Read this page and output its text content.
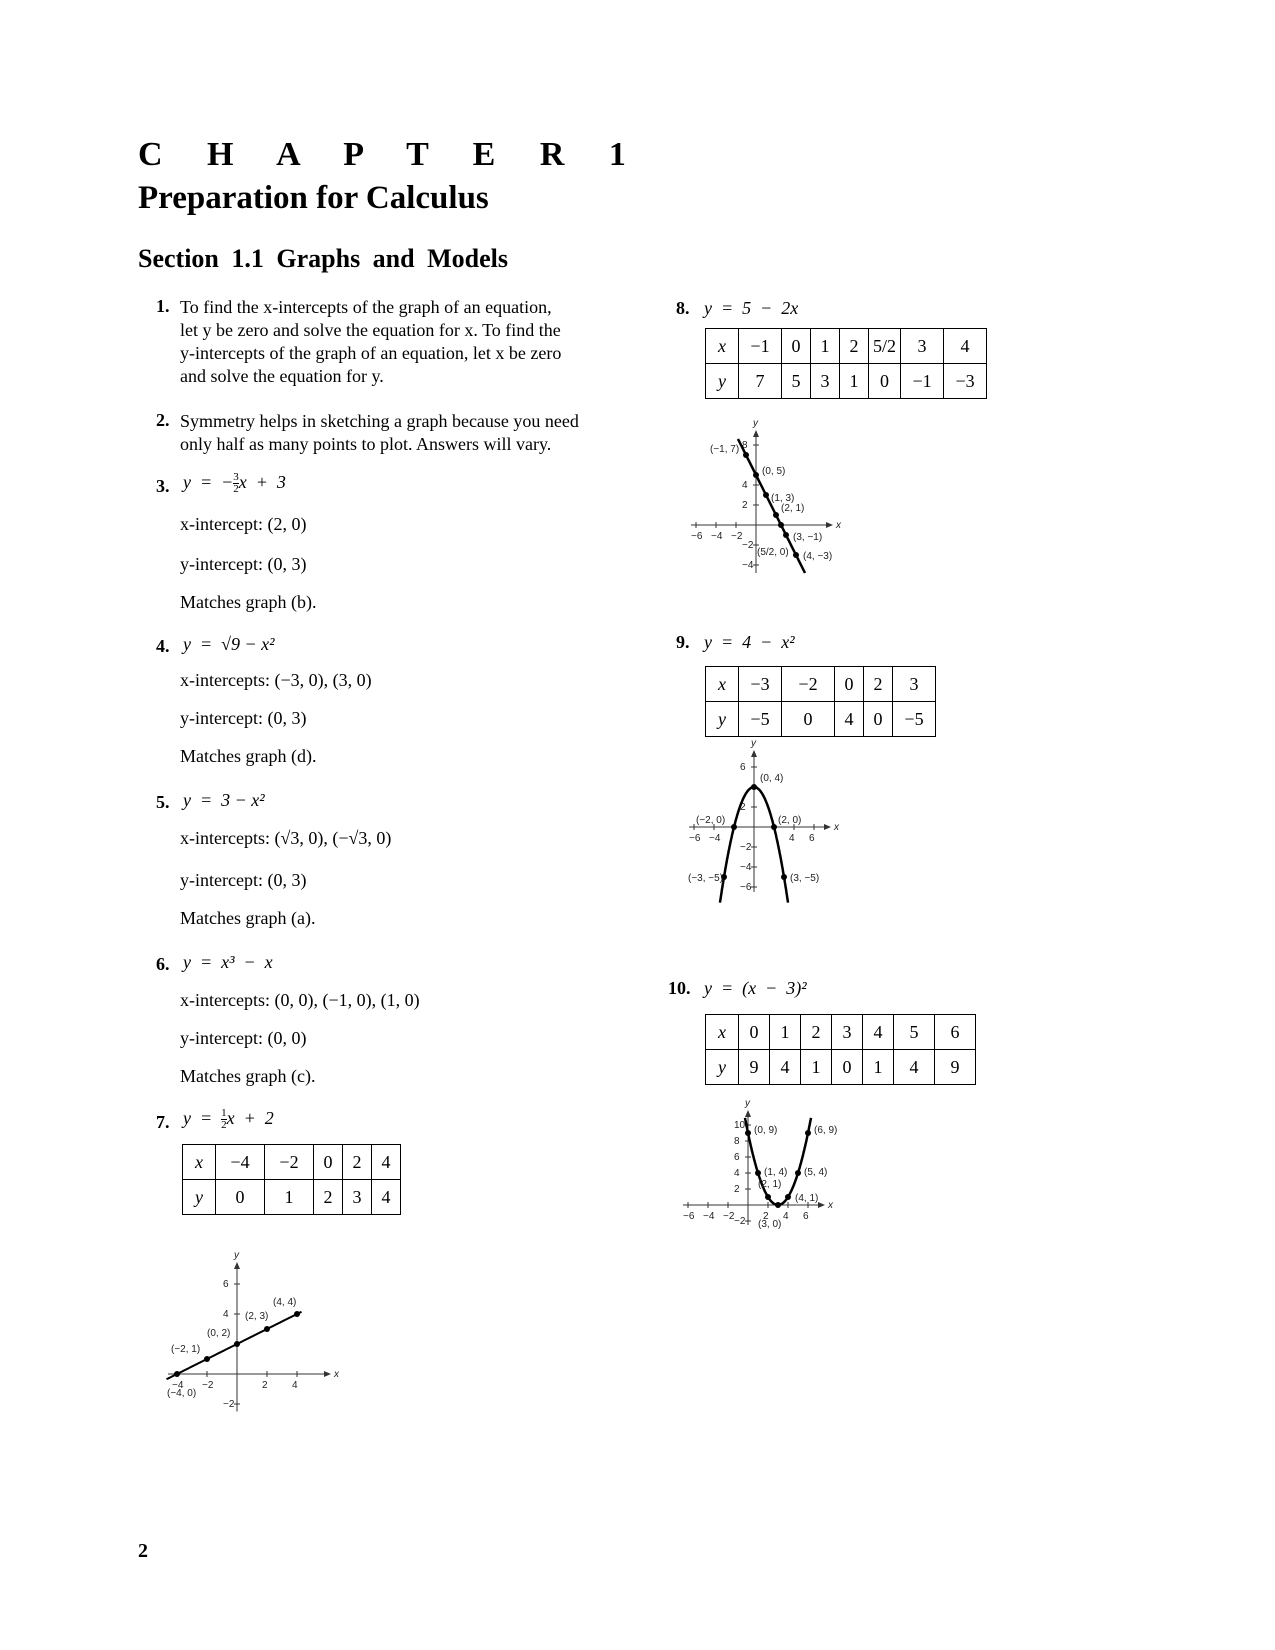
C H A P T E R 1
Preparation for Calculus
Section 1.1 Graphs and Models
1. To find the x-intercepts of the graph of an equation,
let y be zero and solve the equation for x. To find the
y-intercepts of the graph of an equation, let x be zero
and solve the equation for y.
2. Symmetry helps in sketching a graph because you need
only half as many points to plot. Answers will vary.
3. y  =  − $\frac{3}{2}$ x  +  3
x-intercept: (2, 0)
y-intercept: (0, 3)
Matches graph (b).
4. y  =  √9 − x²
x-intercepts: (−3, 0), (3, 0)
y-intercept: (0, 3)
Matches graph (d).
5. y  =  3 − x²
x-intercepts: (√3, 0), (−√3, 0)
y-intercept: (0, 3)
Matches graph (a).
6. y  =  x³  −  x
x-intercepts: (0, 0), (−1, 0), (1, 0)
y-intercept: (0, 0)
Matches graph (c).
7. $y = \frac{1}{2}$ x  +  2
x	−4	−2	0	2	4
y	0	1	2	3	4
x
y
−4 −2	2 4
6
4
−2
(−4, 0)
(−2, 1)
(0, 2)
(2, 3)
(4, 4)
8. y  =  5  −  2x
x	−1	0	1	2	5/2	3	4
y	7	5	3	1	0	−1	−3
x
y
−6 −4 −2
8
4
2
−2
−4
(−1, 7)
(0, 5)
(1, 3)
(2, 1)
(5/2, 0)
(3, −1)
(4, −3)
9. y  =  4  −  x²
x	−3	−2	0	2	3
y	−5	0	4	0	−5
x
y
−6 −4	4 6
6
2
−2
−4
−6
(−3, −5)
(−2, 0)
(0, 4)
(2, 0)
(3, −5)
10. y  =  (x  −  3)²
x	0	1	2	3	4	5	6
y	9	4	1	0	1	4	9
x
y
−6 −4 −2	2 4 6
10
8
6
4
2
−2
(0, 9)
(1, 4)
(2, 1)
(3, 0)
(4, 1)
(5, 4)
(6, 9)
2
